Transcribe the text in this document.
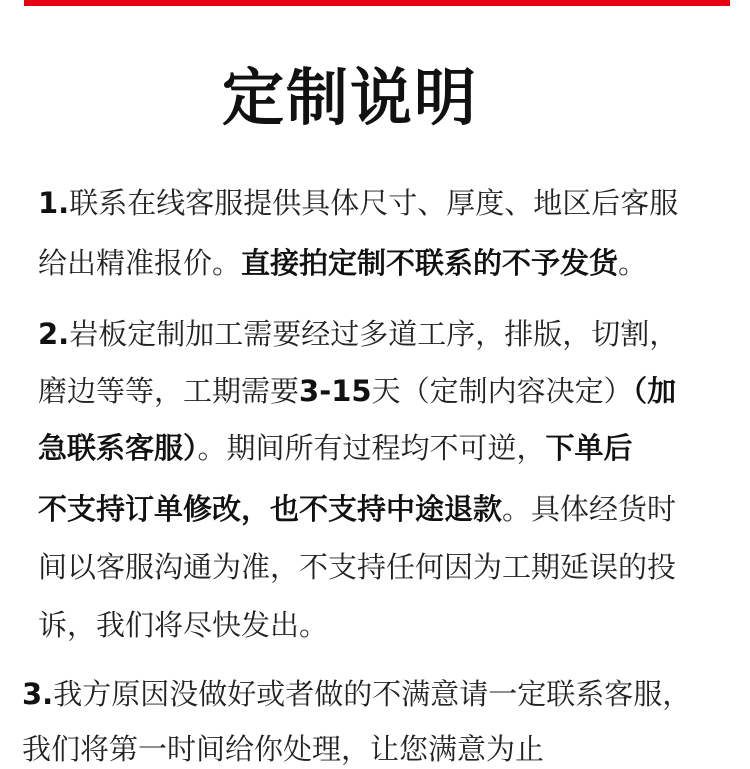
定制说明
1.联系在线客服提供具体尺寸、厚度、地区后客服
给出精准报价。直接拍定制不联系的不予发货。
2.岩板定制加工需要经过多道工序，排版，切割，
磨边等等，工期需要3-15天（定制内容决定）（加
急联系客服）。期间所有过程均不可逆，下单后
不支持订单修改，也不支持中途退款。具体经货时
间以客服沟通为准，不支持任何因为工期延误的投
诉，我们将尽快发出。
3.我方原因没做好或者做的不满意请一定联系客服，
我们将第一时间给你处理，让您满意为止
